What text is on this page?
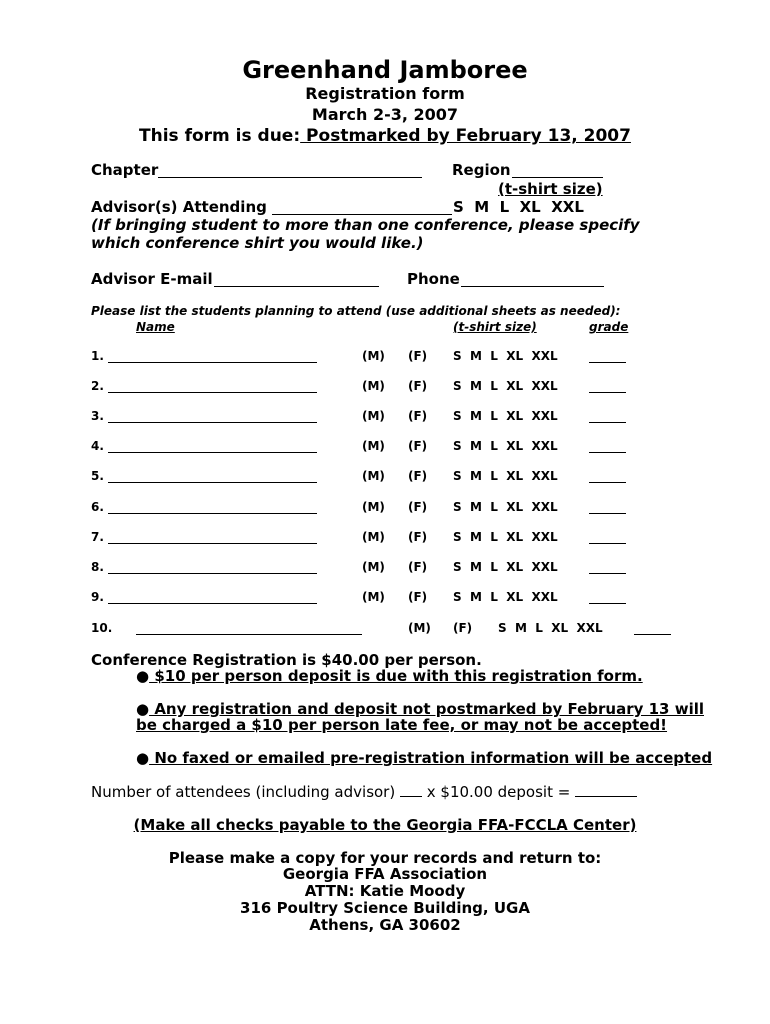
Greenhand Jamboree
Registration form
March 2-3, 2007
This form is due: Postmarked by February 13, 2007
Chapter	Region
(t-shirt size)
Advisor(s) Attending	S  M  L  XL  XXL
(If bringing student to more than one conference, please specify
which conference shirt you would like.)
Advisor E-mail	Phone
Please list the students planning to attend (use additional sheets as needed):
Name	(t-shirt size)	grade
1.	(M) (F) S  M  L  XL  XXL
2.	(M) (F) S  M  L  XL  XXL
3.	(M) (F) S  M  L  XL  XXL
4.	(M) (F) S  M  L  XL  XXL
5.	(M) (F) S  M  L  XL  XXL
6.	(M) (F) S  M  L  XL  XXL
7.	(M) (F) S  M  L  XL  XXL
8.	(M) (F) S  M  L  XL  XXL
9.	(M) (F) S  M  L  XL  XXL
10.	(M) (F) S  M  L  XL  XXL
Conference Registration is $40.00 per person.
● $10 per person deposit is due with this registration form.
● Any registration and deposit not postmarked by February 13 will
be charged a $10 per person late fee, or may not be accepted!
● No faxed or emailed pre-registration information will be accepted
Number of attendees (including advisor)  x $10.00 deposit =
(Make all checks payable to the Georgia FFA-FCCLA Center)
Please make a copy for your records and return to:
Georgia FFA Association
ATTN: Katie Moody
316 Poultry Science Building, UGA
Athens, GA 30602
